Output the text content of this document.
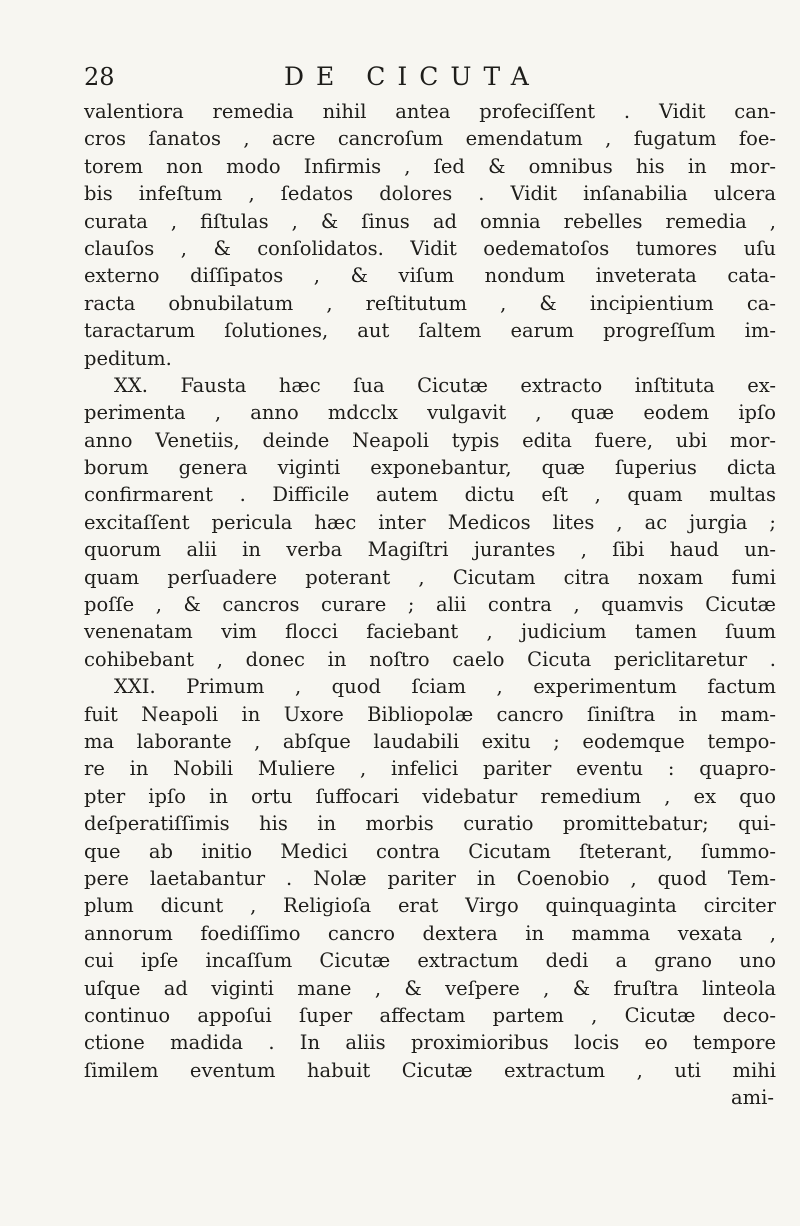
28	DE CICUTA
valentiora remedia nihil antea profeciſſent . Vidit can-
cros ſanatos , acre cancroſum emendatum , fugatum foe-
torem non modo Infirmis , ſed & omnibus his in mor-
bis infeſtum , ſedatos dolores . Vidit inſanabilia ulcera
curata , fiſtulas , & ſinus ad omnia rebelles remedia ,
clauſos , & conſolidatos. Vidit oedematoſos tumores uſu
externo diſſipatos , & viſum nondum inveterata cata-
racta obnubilatum , reſtitutum , & incipientium ca-
taractarum ſolutiones, aut ſaltem earum progreſſum im-
peditum.
XX. Fausta hæc ſua Cicutæ extracto inſtituta ex-
perimenta , anno mdcclx vulgavit , quæ eodem ipſo
anno Venetiis, deinde Neapoli typis edita fuere, ubi mor-
borum genera viginti exponebantur, quæ ſuperius dicta
confirmarent . Difficile autem dictu eſt , quam multas
excitaſſent pericula hæc inter Medicos lites , ac jurgia ;
quorum alii in verba Magiſtri jurantes , ſibi haud un-
quam perſuadere poterant , Cicutam citra noxam fumi
poſſe , & cancros curare ; alii contra , quamvis Cicutæ
venenatam vim flocci faciebant , judicium tamen ſuum
cohibebant , donec in noſtro caelo Cicuta periclitaretur .
XXI. Primum , quod ſciam , experimentum factum
fuit Neapoli in Uxore Bibliopolæ cancro ſiniſtra in mam-
ma laborante , abſque laudabili exitu ; eodemque tempo-
re in Nobili Muliere , infelici pariter eventu : quapro-
pter ipſo in ortu ſuffocari videbatur remedium , ex quo
deſperatiſſimis his in morbis curatio promittebatur; qui-
que ab initio Medici contra Cicutam ſteterant, ſummo-
pere laetabantur . Nolæ pariter in Coenobio , quod Tem-
plum dicunt , Religioſa erat Virgo quinquaginta circiter
annorum foediſſimo cancro dextera in mamma vexata ,
cui ipſe incaſſum Cicutæ extractum dedi a grano uno
uſque ad viginti mane , & veſpere , & fruſtra linteola
continuo appoſui ſuper affectam partem , Cicutæ deco-
ctione madida . In aliis proximioribus locis eo tempore
ſimilem eventum habuit Cicutæ extractum , uti mihi
ami-
